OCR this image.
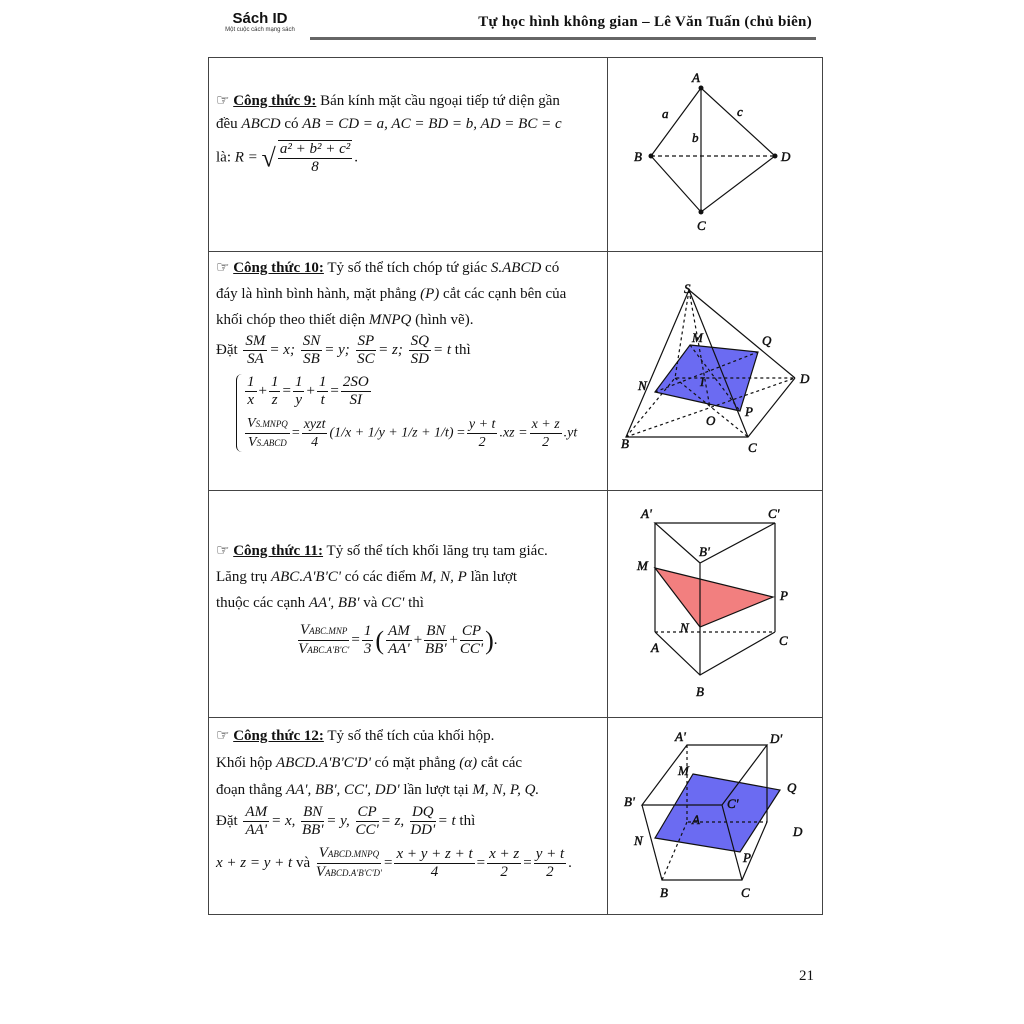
Sách ID
Một cuộc cách mạng sách	Tự học hình không gian – Lê Văn Tuấn (chủ biên)
☞ Công thức 9: Bán kính mặt cầu ngoại tiếp tứ diện gần
đều ABCD có AB = CD = a, AC = BD = b, AD = BC = c
là: R = √ $\frac{\text{a² + b² + c²}}{8}$ .
☞ Công thức 10: Tỷ số thể tích chóp tứ giác S.ABCD có
đáy là hình bình hành, mặt phẳng (P) cắt các cạnh bên của
khối chóp theo thiết diện MNPQ (hình vẽ).
Đặt $\frac{SM}{SA} = x$; $\frac{SN}{SB} = y$; $\frac{SP}{SC} = z$; $\frac{SQ}{SD} = t$ thì
$\frac{1}{x} + \frac{1}{z} = \frac{1}{y} + \frac{1}{t} = \frac{2SO}{SI}$
VS.MNPQ
VS.ABCD
=
xyzt
4
$(1/x + 1/y + 1/z + 1/t) = \frac{y + t}{2} .xz = \frac{x + z}{2} .yt$
☞ Công thức 11: Tỷ số thể tích khối lăng trụ tam giác.
Lăng trụ ABC.A'B'C' có các điểm M, N, P lần lượt
thuộc các cạnh AA', BB' và CC' thì
VABC.MNP
VABC.A'B'C'
= $\frac{1}{3}$ ( $\frac{AM}{AA'} + \frac{BN}{BB'} + \frac{CP}{CC'}$ ).
☞ Công thức 12: Tỷ số thể tích của khối hộp.
Khối hộp ABCD.A'B'C'D' có mặt phẳng (α) cắt các
đoạn thẳng AA', BB', CC', DD' lần lượt tại M, N, P, Q.
Đặt $\frac{AM}{AA'} = x$, $\frac{BN}{BB'} = y$, $\frac{CP}{CC'} = z$, $\frac{DQ}{DD'} = t$ thì
x + z = y + t và
VABCD.MNPQ
VABCD.A'B'C'D'
= $\frac{x + y + z + t}{4} = \frac{x + z}{2} = \frac{y + t}{2}$ .
A
B	D
C
a	c
b
S
M	Q
D
N	I
O
P
B	C
A'	C'
B'
M
P
N
A	C
B
A'	D'
M
Q
B'	C'
A
D
N
P
B	C
21
